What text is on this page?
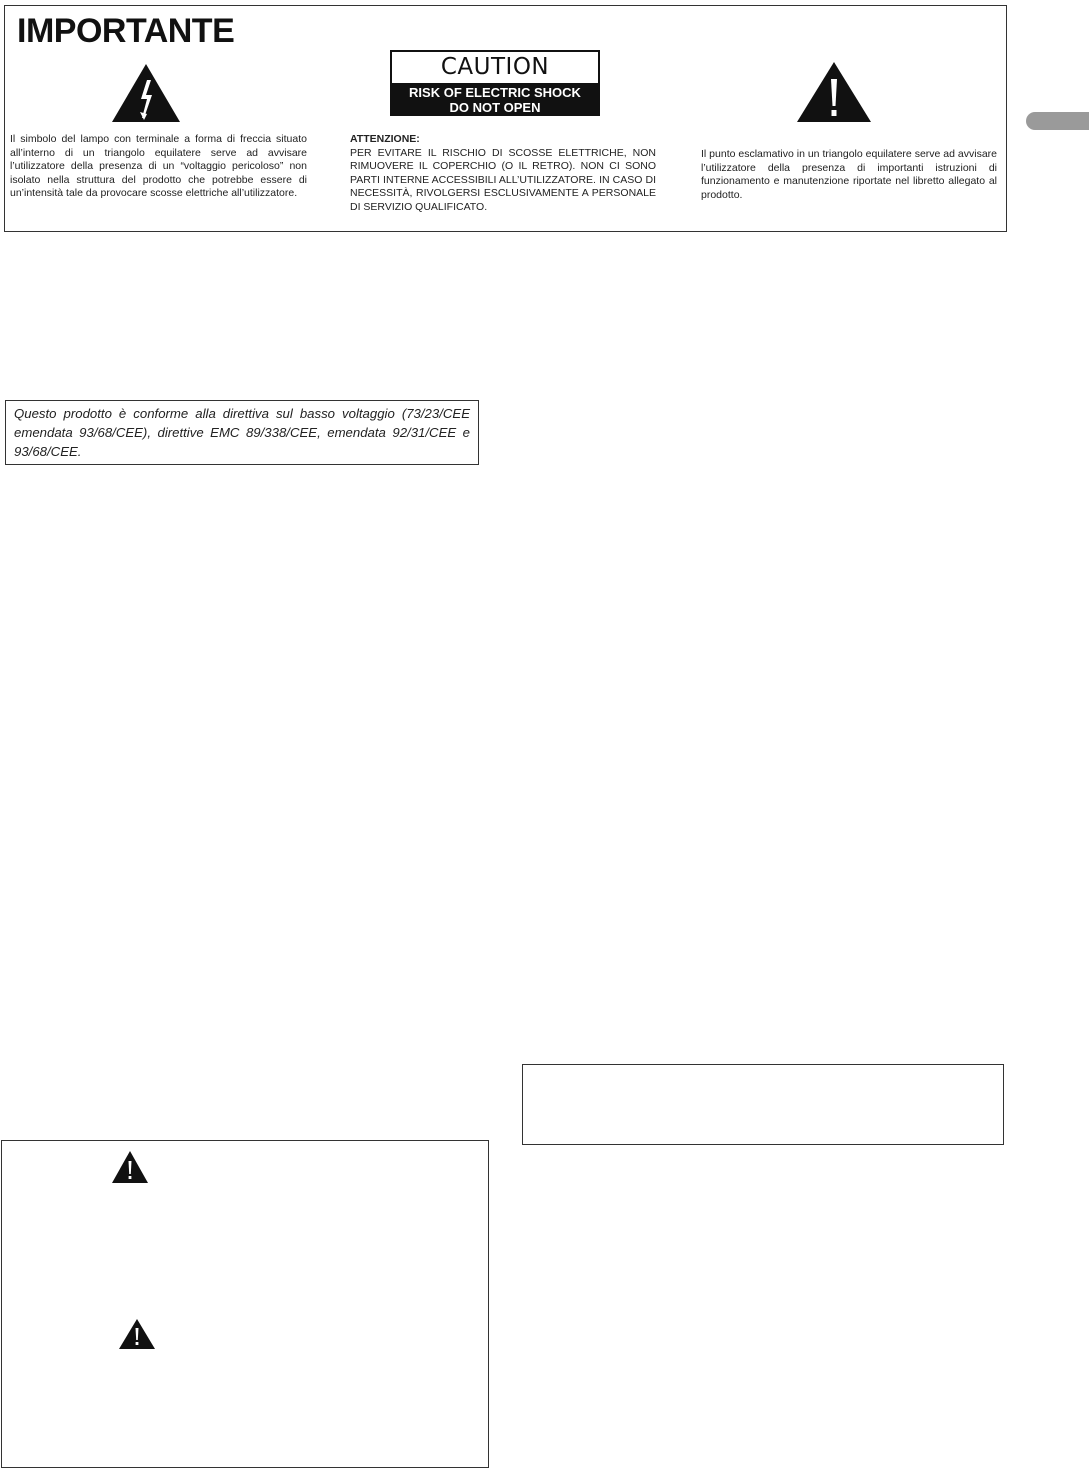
IMPORTANTE
CAUTION
RISK OF ELECTRIC SHOCK
DO NOT OPEN

Il simbolo del lampo con terminale a forma di freccia situato all’interno di un triangolo equilatere serve ad avvisare l’utilizzatore della presenza di un “voltaggio pericoloso” non isolato nella struttura del prodotto che potrebbe essere di un’intensità tale da provocare scosse elettriche all’utilizzatore.

ATTENZIONE:
PER EVITARE IL RISCHIO DI SCOSSE ELETTRICHE, NON RIMUOVERE IL COPERCHIO (O IL RETRO). NON CI SONO PARTI INTERNE ACCESSIBILI ALL’UTILIZZATORE. IN CASO DI NECESSITÀ, RIVOLGERSI ESCLUSIVAMENTE A PERSONALE DI SERVIZIO QUALIFICATO.

Il punto esclamativo in un triangolo equilatere serve ad avvisare l’utilizzatore della presenza di importanti istruzioni di funzionamento e manutenzione riportate nel libretto allegato al prodotto.

Questo prodotto è conforme alla direttiva sul basso voltaggio (73/23/CEE emendata 93/68/CEE), direttive EMC 89/338/CEE, emendata 92/31/CEE e 93/68/CEE.
